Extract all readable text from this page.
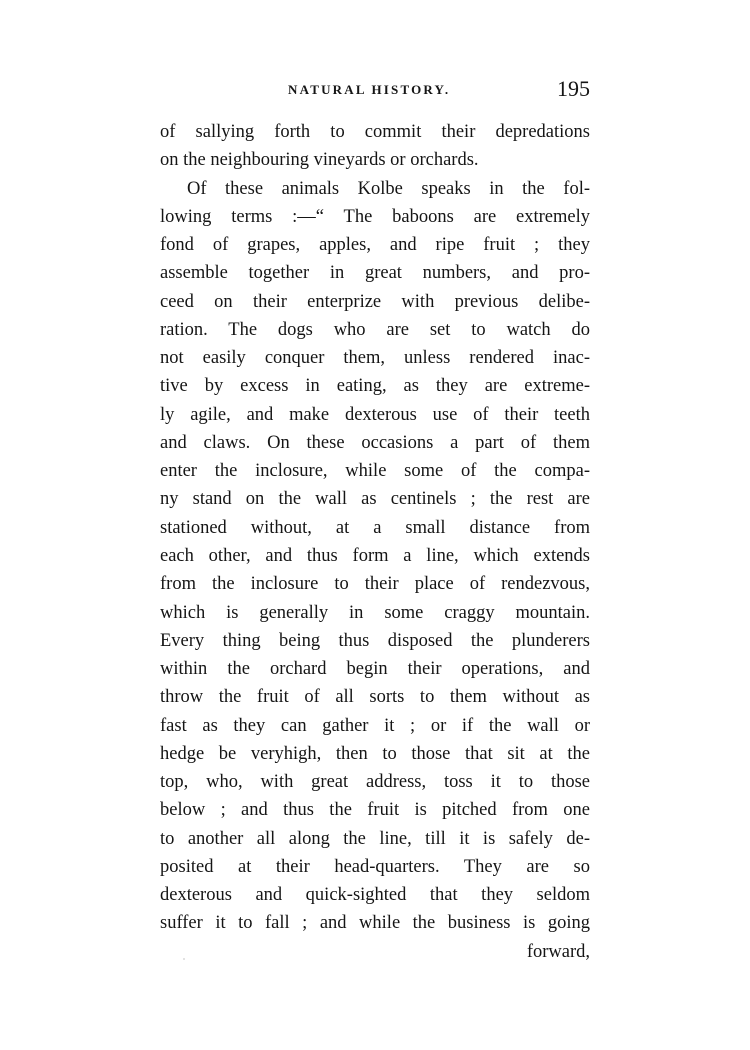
NATURAL HISTORY.	195
of sallying forth to commit their depredations
on the neighbouring vineyards or orchards.
Of these animals Kolbe speaks in the fol-
lowing terms :—“ The baboons are extremely
fond of grapes, apples, and ripe fruit ; they
assemble together in great numbers, and pro-
ceed on their enterprize with previous delibe-
ration. The dogs who are set to watch do
not easily conquer them, unless rendered inac-
tive by excess in eating, as they are extreme-
ly agile, and make dexterous use of their teeth
and claws. On these occasions a part of them
enter the inclosure, while some of the compa-
ny stand on the wall as centinels ; the rest are
stationed without, at a small distance from
each other, and thus form a line, which extends
from the inclosure to their place of rendezvous,
which is generally in some craggy mountain.
Every thing being thus disposed the plunderers
within the orchard begin their operations, and
throw the fruit of all sorts to them without as
fast as they can gather it ; or if the wall or
hedge be veryhigh, then to those that sit at the
top, who, with great address, toss it to those
below ; and thus the fruit is pitched from one
to another all along the line, till it is safely de-
posited at their head-quarters. They are so
dexterous and quick-sighted that they seldom
suffer it to fall ; and while the business is going
forward,
